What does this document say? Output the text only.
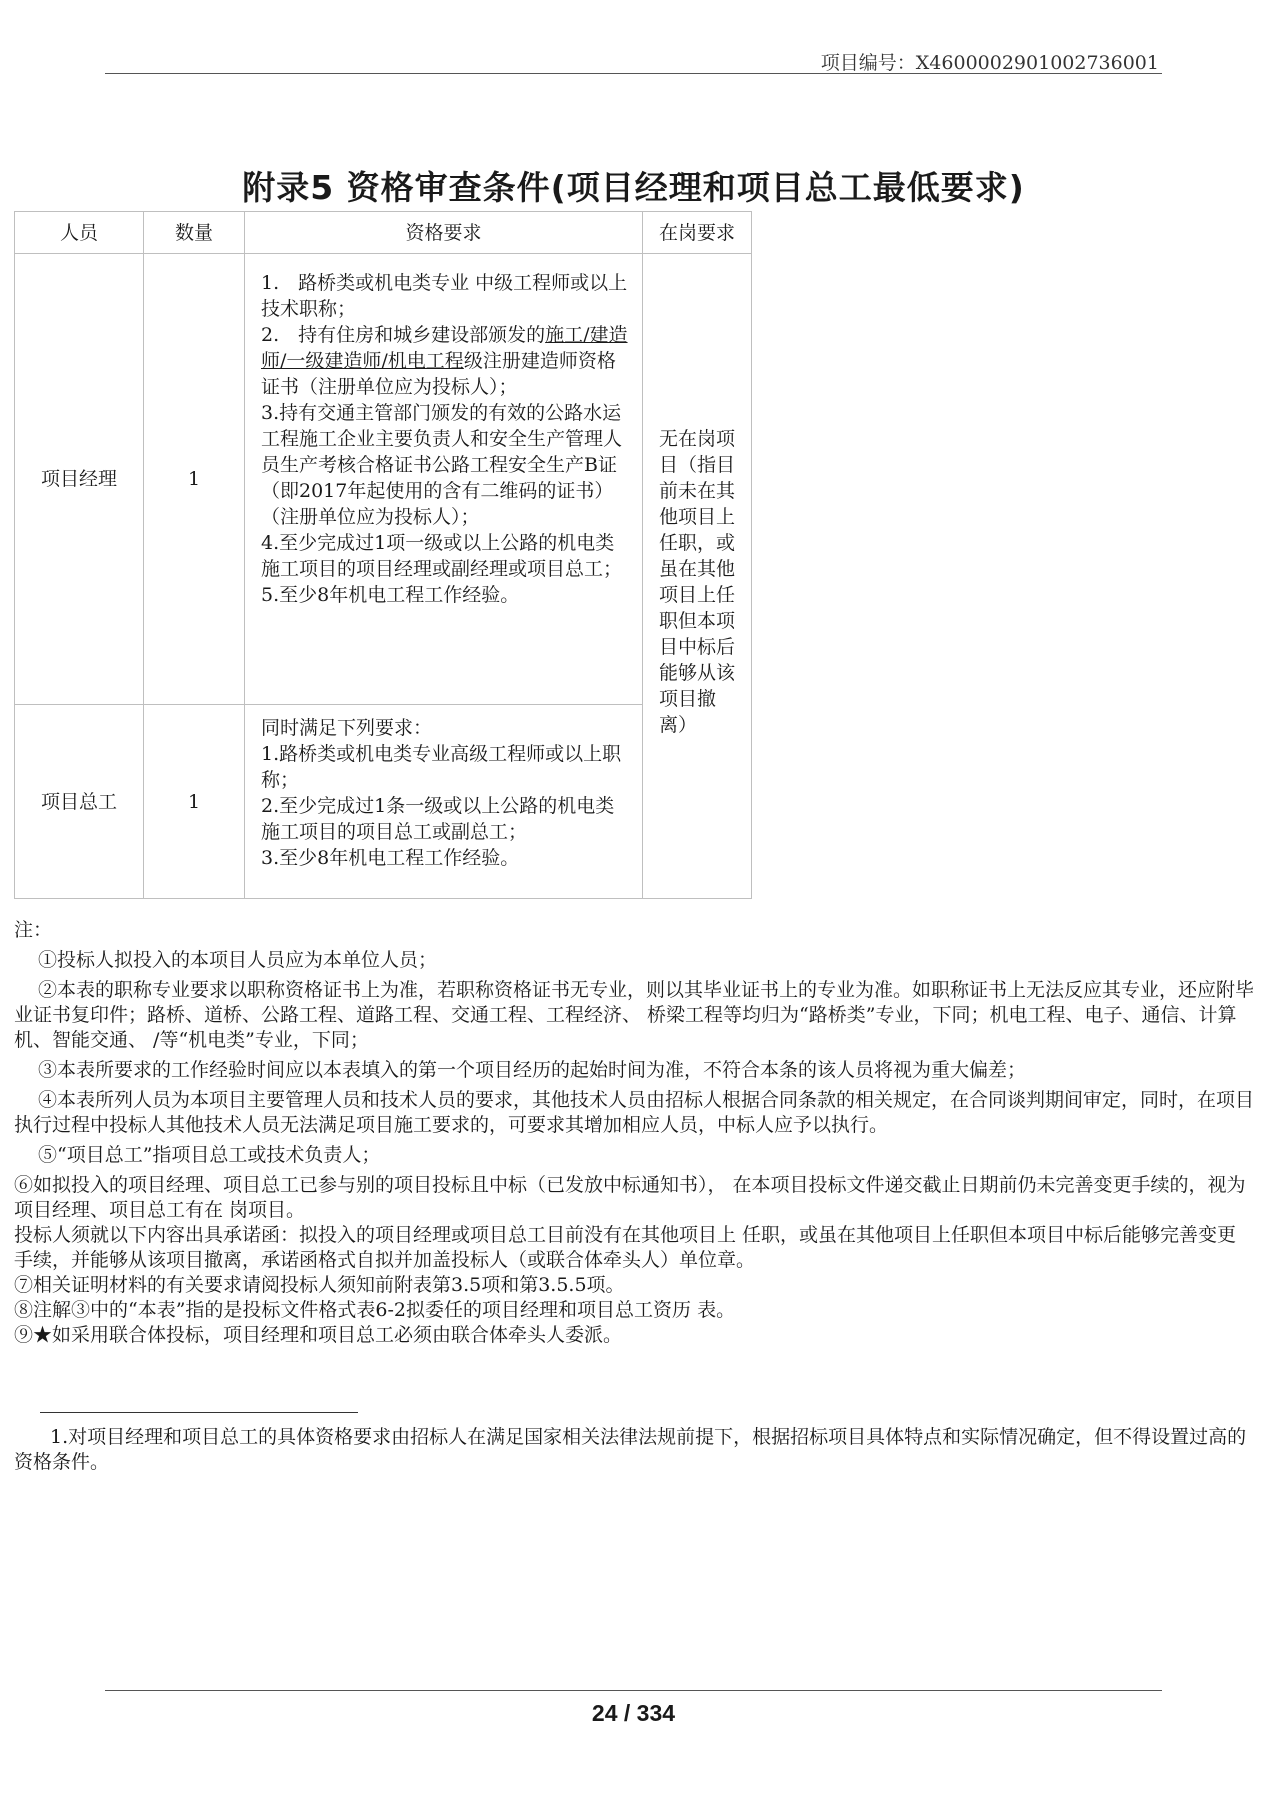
项目编号：X4600002901002736001
附录5 资格审查条件(项目经理和项目总工最低要求)
人员	数量	资格要求	在岗要求
项目经理	1	1.　路桥类或机电类专业 中级工程师或以上技术职称；
2.　持有住房和城乡建设部颁发的施工/建造师/一级建造师/机电工程级注册建造师资格证书（注册单位应为投标人）；
3.持有交通主管部门颁发的有效的公路水运工程施工企业主要负责人和安全生产管理人员生产考核合格证书公路工程安全生产B证（即2017年起使用的含有二维码的证书）（注册单位应为投标人）；
4.至少完成过1项一级或以上公路的机电类施工项目的项目经理或副经理或项目总工；
5.至少8年机电工程工作经验。	无在岗项目（指目前未在其他项目上任职，或虽在其他项目上任职但本项目中标后能够从该项目撤离）
项目总工	1	同时满足下列要求：
1.路桥类或机电类专业高级工程师或以上职称；
2.至少完成过1条一级或以上公路的机电类施工项目的项目总工或副总工；
3.至少8年机电工程工作经验。	

注：

①投标人拟投入的本项目人员应为本单位人员；

②本表的职称专业要求以职称资格证书上为准，若职称资格证书无专业，则以其毕业证书上的专业为准。如职称证书上无法反应其专业，还应附毕业证书复印件；路桥、道桥、公路工程、道路工程、交通工程、工程经济、 桥梁工程等均归为“路桥类”专业，下同；机电工程、电子、通信、计算机、智能交通、 /等“机电类”专业，下同；

③本表所要求的工作经验时间应以本表填入的第一个项目经历的起始时间为准，不符合本条的该人员将视为重大偏差；

④本表所列人员为本项目主要管理人员和技术人员的要求，其他技术人员由招标人根据合同条款的相关规定，在合同谈判期间审定，同时，在项目执行过程中投标人其他技术人员无法满足项目施工要求的，可要求其增加相应人员，中标人应予以执行。

⑤“项目总工”指项目总工或技术负责人；

⑥如拟投入的项目经理、项目总工已参与别的项目投标且中标（已发放中标通知书）， 在本项目投标文件递交截止日期前仍未完善变更手续的，视为项目经理、项目总工有在 岗项目。

投标人须就以下内容出具承诺函：拟投入的项目经理或项目总工目前没有在其他项目上 任职，或虽在其他项目上任职但本项目中标后能够完善变更手续，并能够从该项目撤离，承诺函格式自拟并加盖投标人（或联合体牵头人）单位章。

⑦相关证明材料的有关要求请阅投标人须知前附表第3.5项和第3.5.5项。

⑧注解③中的“本表”指的是投标文件格式表6-2拟委任的项目经理和项目总工资历 表。

⑨★如采用联合体投标，项目经理和项目总工必须由联合体牵头人委派。

1.对项目经理和项目总工的具体资格要求由招标人在满足国家相关法律法规前提下，根据招标项目具体特点和实际情况确定，但不得设置过高的资格条件。
24 / 334
